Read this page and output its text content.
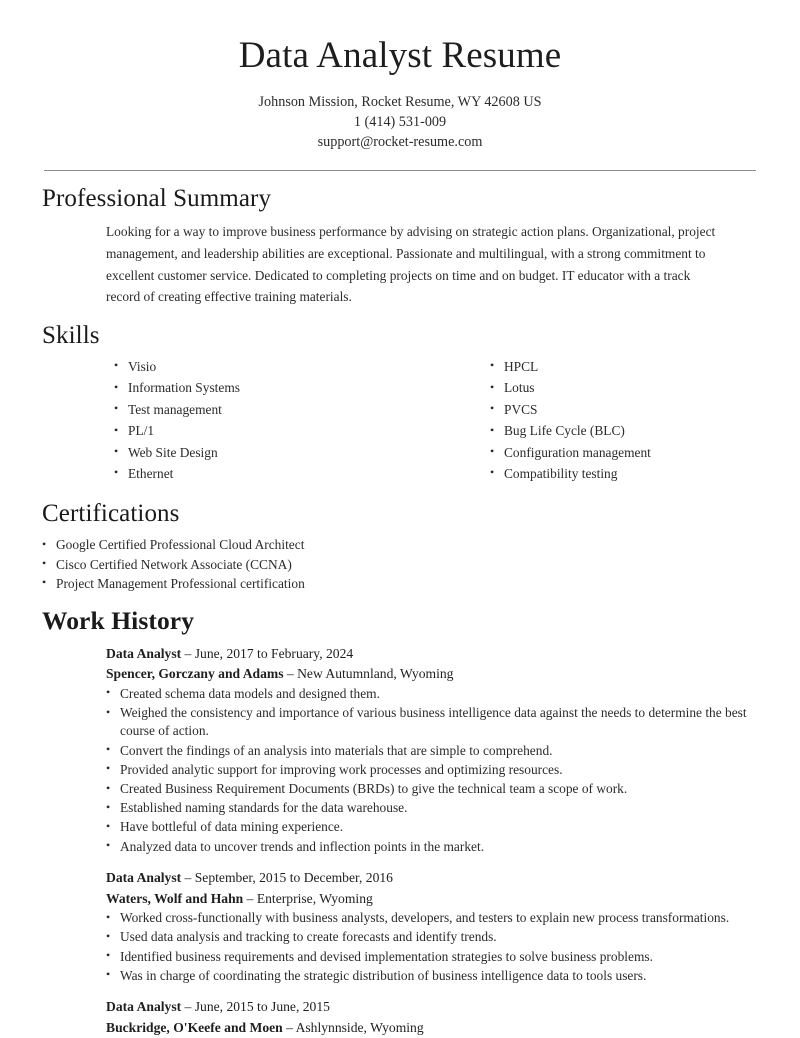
Data Analyst Resume
Johnson Mission, Rocket Resume, WY 42608 US
1 (414) 531-009
support@rocket-resume.com
Professional Summary

Looking for a way to improve business performance by advising on strategic action plans. Organizational, project management, and leadership abilities are exceptional. Passionate and multilingual, with a strong commitment to excellent customer service. Dedicated to completing projects on time and on budget. IT educator with a track record of creating effective training materials.

Skills
• Visio
• Information Systems
• Test management
• PL/1
• Web Site Design
• Ethernet
• HPCL
• Lotus
• PVCS
• Bug Life Cycle (BLC)
• Configuration management
• Compatibility testing
Certifications
• Google Certified Professional Cloud Architect
• Cisco Certified Network Associate (CCNA)
• Project Management Professional certification
Work History
Data Analyst – June, 2017 to February, 2024
Spencer, Gorczany and Adams – New Autumnland, Wyoming
• Created schema data models and designed them.
• Weighed the consistency and importance of various business intelligence data against the needs to determine the best course of action.
• Convert the findings of an analysis into materials that are simple to comprehend.
• Provided analytic support for improving work processes and optimizing resources.
• Created Business Requirement Documents (BRDs) to give the technical team a scope of work.
• Established naming standards for the data warehouse.
• Have bottleful of data mining experience.
• Analyzed data to uncover trends and inflection points in the market.
Data Analyst – September, 2015 to December, 2016
Waters, Wolf and Hahn – Enterprise, Wyoming
• Worked cross-functionally with business analysts, developers, and testers to explain new process transformations.
• Used data analysis and tracking to create forecasts and identify trends.
• Identified business requirements and devised implementation strategies to solve business problems.
• Was in charge of coordinating the strategic distribution of business intelligence data to tools users.
Data Analyst – June, 2015 to June, 2015
Buckridge, O'Keefe and Moen – Ashlynnside, Wyoming
